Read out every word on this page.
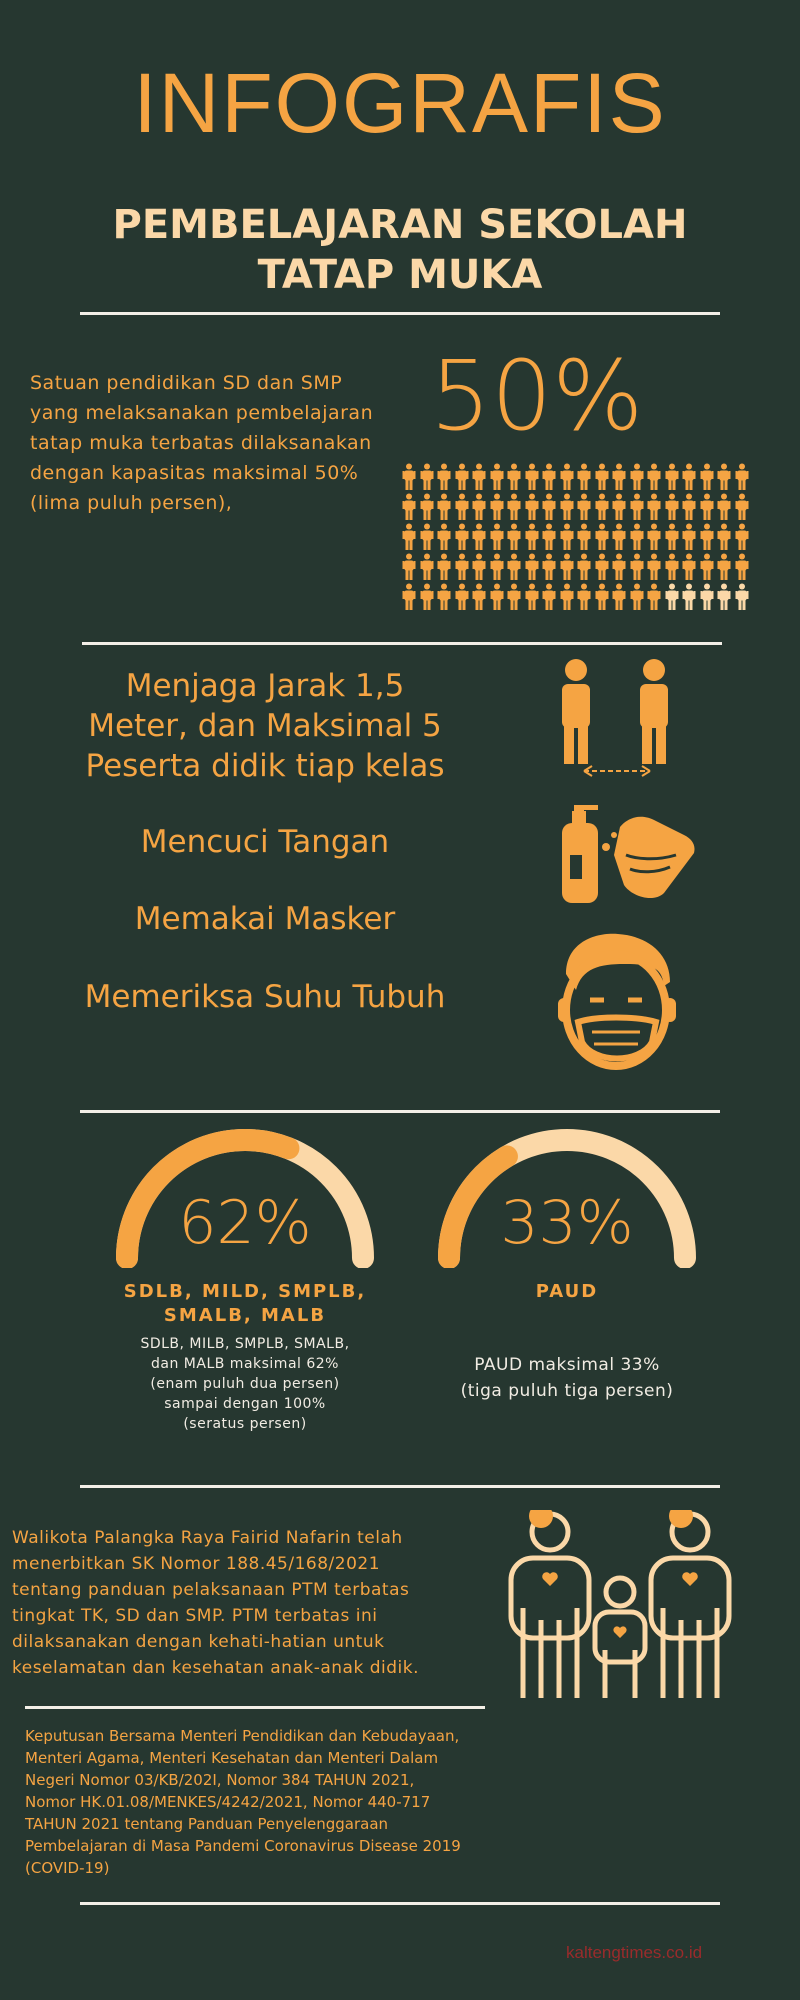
INFOGRAFIS
PEMBELAJARAN SEKOLAH
TATAP MUKA
Satuan pendidikan SD dan SMP yang melaksanakan pembelajaran tatap muka terbatas dilaksanakan dengan kapasitas maksimal 50% (lima puluh persen),
50%
Menjaga Jarak 1,5 Meter, dan Maksimal 5 Peserta didik tiap kelas
Mencuci Tangan
Memakai Masker
Memeriksa Suhu Tubuh
62%
SDLB, MILD, SMPLB,
SMALB, MALB
SDLB, MILB, SMPLB, SMALB,
dan MALB maksimal 62%
(enam puluh dua persen)
sampai dengan 100%
(seratus persen)
33%
PAUD
PAUD maksimal 33%
(tiga puluh tiga persen)
Walikota Palangka Raya Fairid Nafarin telah menerbitkan SK Nomor 188.45/168/2021 tentang panduan pelaksanaan PTM terbatas tingkat TK, SD dan SMP. PTM terbatas ini dilaksanakan dengan kehati-hatian untuk keselamatan dan kesehatan anak-anak didik.
Keputusan Bersama Menteri Pendidikan dan Kebudayaan, Menteri Agama, Menteri Kesehatan dan Menteri Dalam Negeri Nomor 03/KB/202I, Nomor 384 TAHUN 2021, Nomor HK.01.08/MENKES/4242/2021, Nomor 440-717 TAHUN 2021 tentang Panduan Penyelenggaraan Pembelajaran di Masa Pandemi Coronavirus Disease 2019 (COVID-19)
kaltengtimes.co.id
